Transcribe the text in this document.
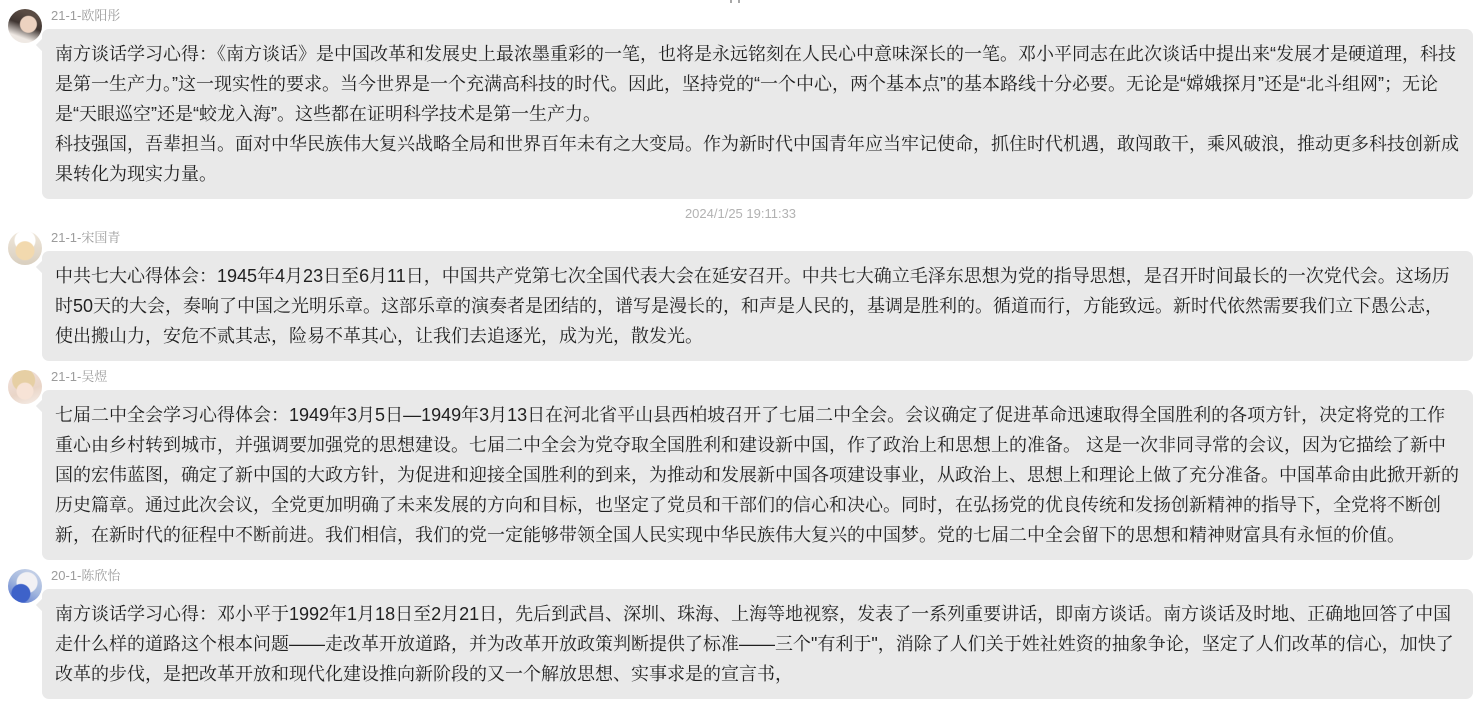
21-1-欧阳彤

南方谈话学习心得：《南方谈话》是中国改革和发展史上最浓墨重彩的一笔，也将是永远铭刻在人民心中意味深长的一笔。邓小平同志在此次谈话中提出来“发展才是硬道理，科技是第一生产力。”这一现实性的要求。当今世界是一个充满高科技的时代。因此，坚持党的“一个中心，两个基本点”的基本路线十分必要。无论是“嫦娥探月”还是“北斗组网”；无论是“天眼巡空”还是“蛟龙入海”。这些都在证明科学技术是第一生产力。

科技强国，吾辈担当。面对中华民族伟大复兴战略全局和世界百年未有之大变局。作为新时代中国青年应当牢记使命，抓住时代机遇，敢闯敢干，乘风破浪，推动更多科技创新成果转化为现实力量。

2024/1/25 19:11:33
21-1-宋国青

中共七大心得体会：1945年4月23日至6月11日，中国共产党第七次全国代表大会在延安召开。中共七大确立毛泽东思想为党的指导思想，是召开时间最长的一次党代会。这场历时50天的大会，奏响了中国之光明乐章。这部乐章的演奏者是团结的，谱写是漫长的，和声是人民的，基调是胜利的。循道而行，方能致远。新时代依然需要我们立下愚公志，使出搬山力，安危不贰其志，险易不革其心，让我们去追逐光，成为光，散发光。

21-1-吴煜

七届二中全会学习心得体会：1949年3月5日—1949年3月13日在河北省平山县西柏坡召开了七届二中全会。会议确定了促进革命迅速取得全国胜利的各项方针，决定将党的工作重心由乡村转到城市，并强调要加强党的思想建设。七届二中全会为党夺取全国胜利和建设新中国，作了政治上和思想上的准备。 这是一次非同寻常的会议，因为它描绘了新中国的宏伟蓝图，确定了新中国的大政方针，为促进和迎接全国胜利的到来，为推动和发展新中国各项建设事业，从政治上、思想上和理论上做了充分准备。中国革命由此掀开新的历史篇章。通过此次会议，全党更加明确了未来发展的方向和目标，也坚定了党员和干部们的信心和决心。同时，在弘扬党的优良传统和发扬创新精神的指导下，全党将不断创新，在新时代的征程中不断前进。我们相信，我们的党一定能够带领全国人民实现中华民族伟大复兴的中国梦。党的七届二中全会留下的思想和精神财富具有永恒的价值。

20-1-陈欣怡

南方谈话学习心得：邓小平于1992年1月18日至2月21日，先后到武昌、深圳、珠海、上海等地视察，发表了一系列重要讲话，即南方谈话。南方谈话及时地、正确地回答了中国走什么样的道路这个根本问题——走改革开放道路，并为改革开放政策判断提供了标准——三个"有利于"，消除了人们关于姓社姓资的抽象争论，坚定了人们改革的信心，加快了改革的步伐，是把改革开放和现代化建设推向新阶段的又一个解放思想、实事求是的宣言书，
